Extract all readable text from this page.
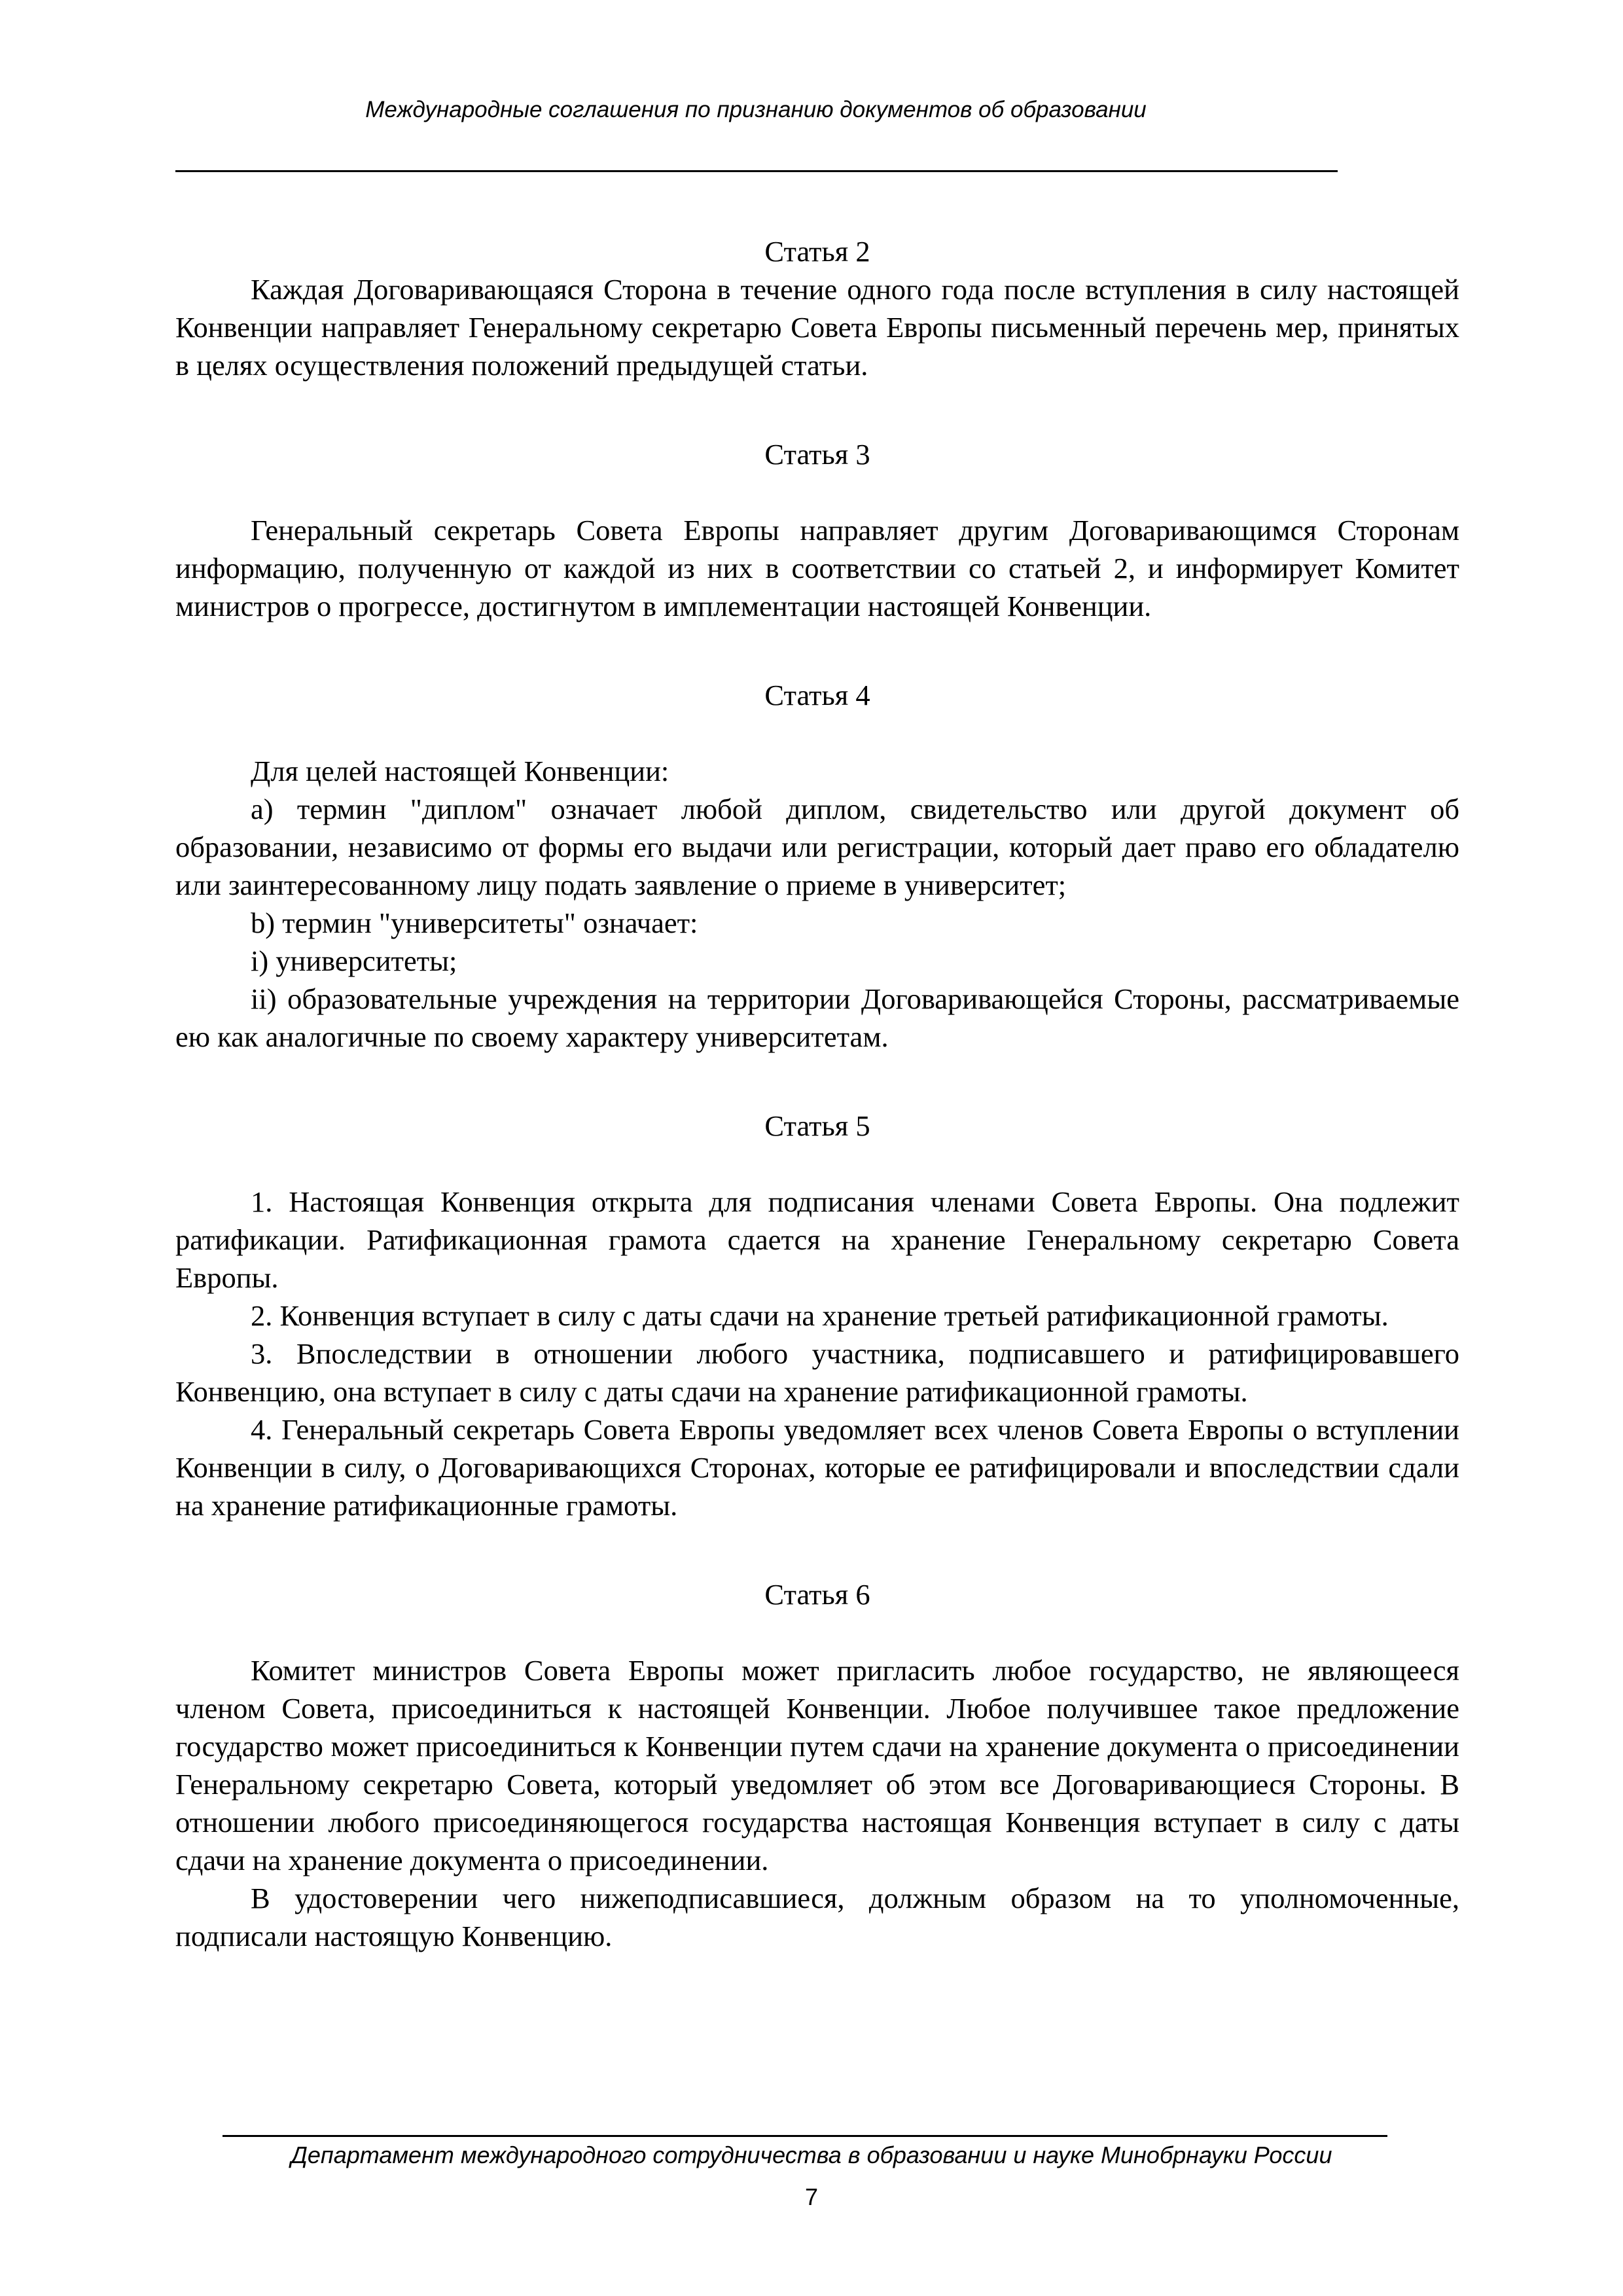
Международные соглашения по признанию документов об образовании

Статья 2

Каждая Договаривающаяся Сторона в течение одного года после вступления в силу настоящей Конвенции направляет Генеральному секретарю Совета Европы письменный перечень мер, принятых в целях осуществления положений предыдущей статьи.

Статья 3

Генеральный секретарь Совета Европы направляет другим Договаривающимся Сторонам информацию, полученную от каждой из них в соответствии со статьей 2, и информирует Комитет министров о прогрессе, достигнутом в имплементации настоящей Конвенции.

Статья 4

Для целей настоящей Конвенции:

a) термин "диплом" означает любой диплом, свидетельство или другой документ об образовании, независимо от формы его выдачи или регистрации, который дает право его обладателю или заинтересованному лицу подать заявление о приеме в университет;

b) термин "университеты" означает:

i) университеты;

ii) образовательные учреждения на территории Договаривающейся Стороны, рассматриваемые ею как аналогичные по своему характеру университетам.

Статья 5

1. Настоящая Конвенция открыта для подписания членами Совета Европы. Она подлежит ратификации. Ратификационная грамота сдается на хранение Генеральному секретарю Совета Европы.

2. Конвенция вступает в силу с даты сдачи на хранение третьей ратификационной грамоты.

3. Впоследствии в отношении любого участника, подписавшего и ратифицировавшего Конвенцию, она вступает в силу с даты сдачи на хранение ратификационной грамоты.

4. Генеральный секретарь Совета Европы уведомляет всех членов Совета Европы о вступлении Конвенции в силу, о Договаривающихся Сторонах, которые ее ратифицировали и впоследствии сдали на хранение ратификационные грамоты.

Статья 6

Комитет министров Совета Европы может пригласить любое государство, не являющееся членом Совета, присоединиться к настоящей Конвенции. Любое получившее такое предложение государство может присоединиться к Конвенции путем сдачи на хранение документа о присоединении Генеральному секретарю Совета, который уведомляет об этом все Договаривающиеся Стороны. В отношении любого присоединяющегося государства настоящая Конвенция вступает в силу с даты сдачи на хранение документа о присоединении.

В удостоверении чего нижеподписавшиеся, должным образом на то уполномоченные, подписали настоящую Конвенцию.

Департамент международного сотрудничества в образовании и науке Минобрнауки России

7
